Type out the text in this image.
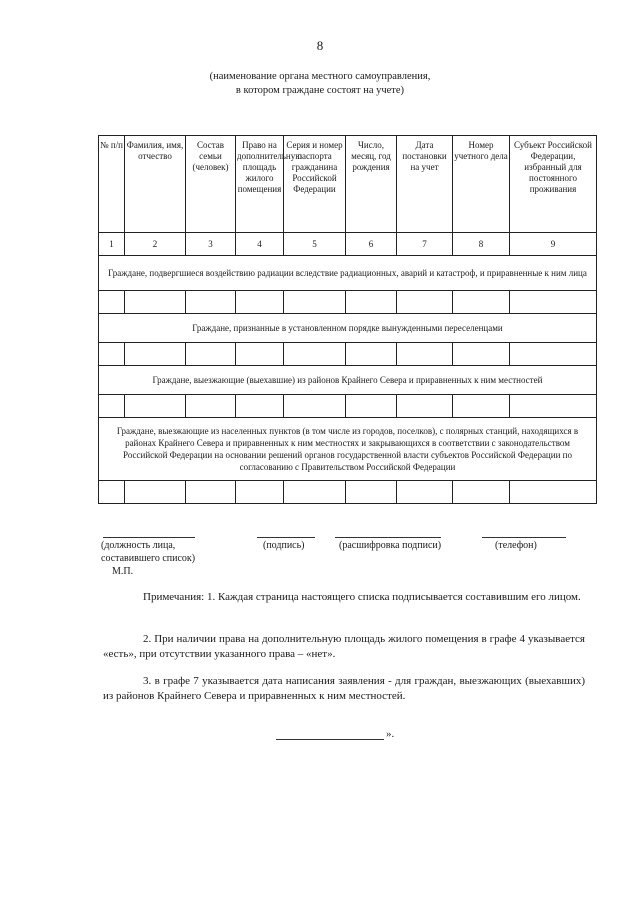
8
(наименование органа местного самоуправления,
в котором граждане состоят на учете)
№ п/п	Фамилия, имя, отчество	Состав семьи (человек)	Право на дополнительную площадь жилого помещения	Серия и номер паспорта гражданина Российской Федерации	Число, месяц, год рождения	Дата постановки на учет	Номер учетного дела	Субъект Российской Федерации, избранный для постоянного проживания
1	2	3	4	5	6	7	8	9
Граждане, подвергшиеся воздействию радиации вследствие радиационных, аварий и катастроф, и приравненные к ним лица								

Граждане, признанные в установленном порядке вынужденными переселенцами								

Граждане, выезжающие (выехавшие) из районов Крайнего Севера и приравненных к ним местностей								

Граждане, выезжающие из населенных пунктов (в том числе из городов, поселков), с полярных станций, находящихся в районах Крайнего Севера и приравненных к ним местностях и закрывающихся в соответствии с законодательством Российской Федерации на основании решений органов государственной власти субъектов Российской Федерации по согласованию с Правительством Российской Федерации								

(должность лица,
составившего список)
М.П.
(подпись)	(расшифровка подписи)	(телефон)
Примечания: 1. Каждая страница настоящего списка подписывается составившим его лицом.
2. При наличии права на дополнительную площадь жилого помещения в графе 4 указывается «есть», при отсутствии указанного права – «нет».
3. в графе 7 указывается дата написания заявления - для граждан, выезжающих (выехавших) из районов Крайнего Севера и приравненных к ним местностей.
».
